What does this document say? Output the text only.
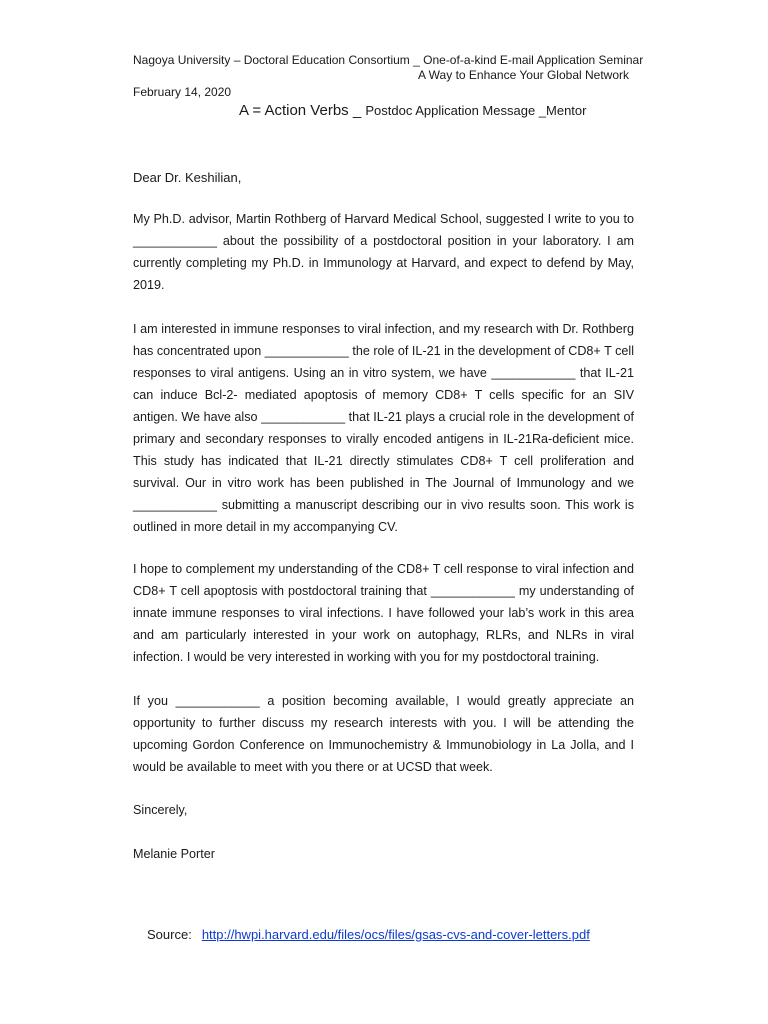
Nagoya University – Doctoral Education Consortium _ One-of-a-kind E-mail Application Seminar
A Way to Enhance Your Global Network
February 14, 2020
A = Action Verbs _ Postdoc Application Message _Mentor

Dear Dr. Keshilian,

My Ph.D. advisor, Martin Rothberg of Harvard Medical School, suggested I write to you to ____________ about the possibility of a postdoctoral position in your laboratory. I am currently completing my Ph.D. in Immunology at Harvard, and expect to defend by May, 2019.

I am interested in immune responses to viral infection, and my research with Dr. Rothberg has concentrated upon ____________ the role of IL-21 in the development of CD8+ T cell responses to viral antigens. Using an in vitro system, we have ____________ that IL-21 can induce Bcl-2- mediated apoptosis of memory CD8+ T cells specific for an SIV antigen. We have also ____________ that IL-21 plays a crucial role in the development of primary and secondary responses to virally encoded antigens in IL-21Ra-deficient mice. This study has indicated that IL-21 directly stimulates CD8+ T cell proliferation and survival. Our in vitro work has been published in The Journal of Immunology and we ____________ submitting a manuscript describing our in vivo results soon. This work is outlined in more detail in my accompanying CV.

I hope to complement my understanding of the CD8+ T cell response to viral infection and CD8+ T cell apoptosis with postdoctoral training that ____________ my understanding of innate immune responses to viral infections. I have followed your lab’s work in this area and am particularly interested in your work on autophagy, RLRs, and NLRs in viral infection. I would be very interested in working with you for my postdoctoral training.

If you ____________ a position becoming available, I would greatly appreciate an opportunity to further discuss my research interests with you. I will be attending the upcoming Gordon Conference on Immunochemistry & Immunobiology in La Jolla, and I would be available to meet with you there or at UCSD that week.

Sincerely,

Melanie Porter

Source: http://hwpi.harvard.edu/files/ocs/files/gsas-cvs-and-cover-letters.pdf
